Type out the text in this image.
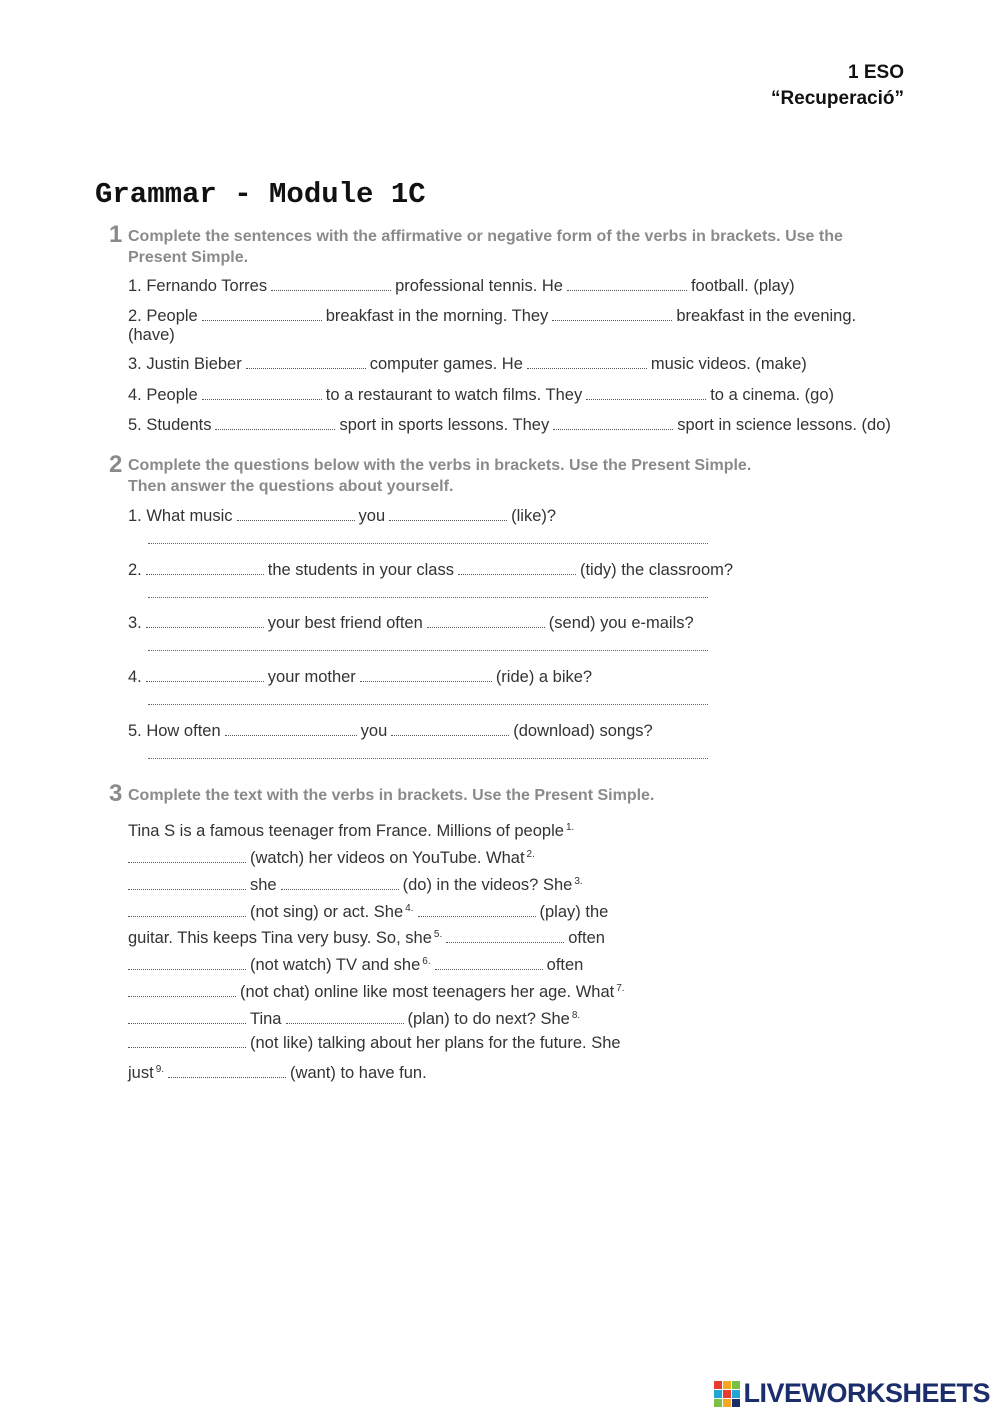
1 ESO
“Recuperació”
Grammar - Module 1C
1 Complete the sentences with the affirmative or negative form of the verbs in brackets. Use the
Present Simple.
1. Fernando Torres	professional tennis. He	football. (play)
2. People	breakfast in the morning. They	breakfast in the evening.
(have)
3. Justin Bieber	computer games. He	music videos. (make)
4. People	to a restaurant to watch films. They	to a cinema. (go)
5. Students	sport in sports lessons. They	sport in science lessons. (do)
2 Complete the questions below with the verbs in brackets. Use the Present Simple.
Then answer the questions about yourself.
1. What music	you	(like)?
2.	the students in your class	(tidy) the classroom?
3.	your best friend often	(send) you e-mails?
4.	your mother	(ride) a bike?
5. How often	you	(download) songs?
3 Complete the text with the verbs in brackets. Use the Present Simple.
Tina S is a famous teenager from France. Millions of people $^{1.}$
(watch) her videos on YouTube. What $^{2.}$
she	(do) in the videos? She $^{3.}$
(not sing) or act. She $^{4.}$	(play) the
guitar. This keeps Tina very busy. So, she $^{5.}$	often
(not watch) TV and she $^{6.}$	often
(not chat) online like most teenagers her age. What $^{7.}$
Tina	(plan) to do next? She $^{8.}$
(not like) talking about her plans for the future. She
just $^{9.}$	(want) to have fun.
LIVEWORKSHEETS
